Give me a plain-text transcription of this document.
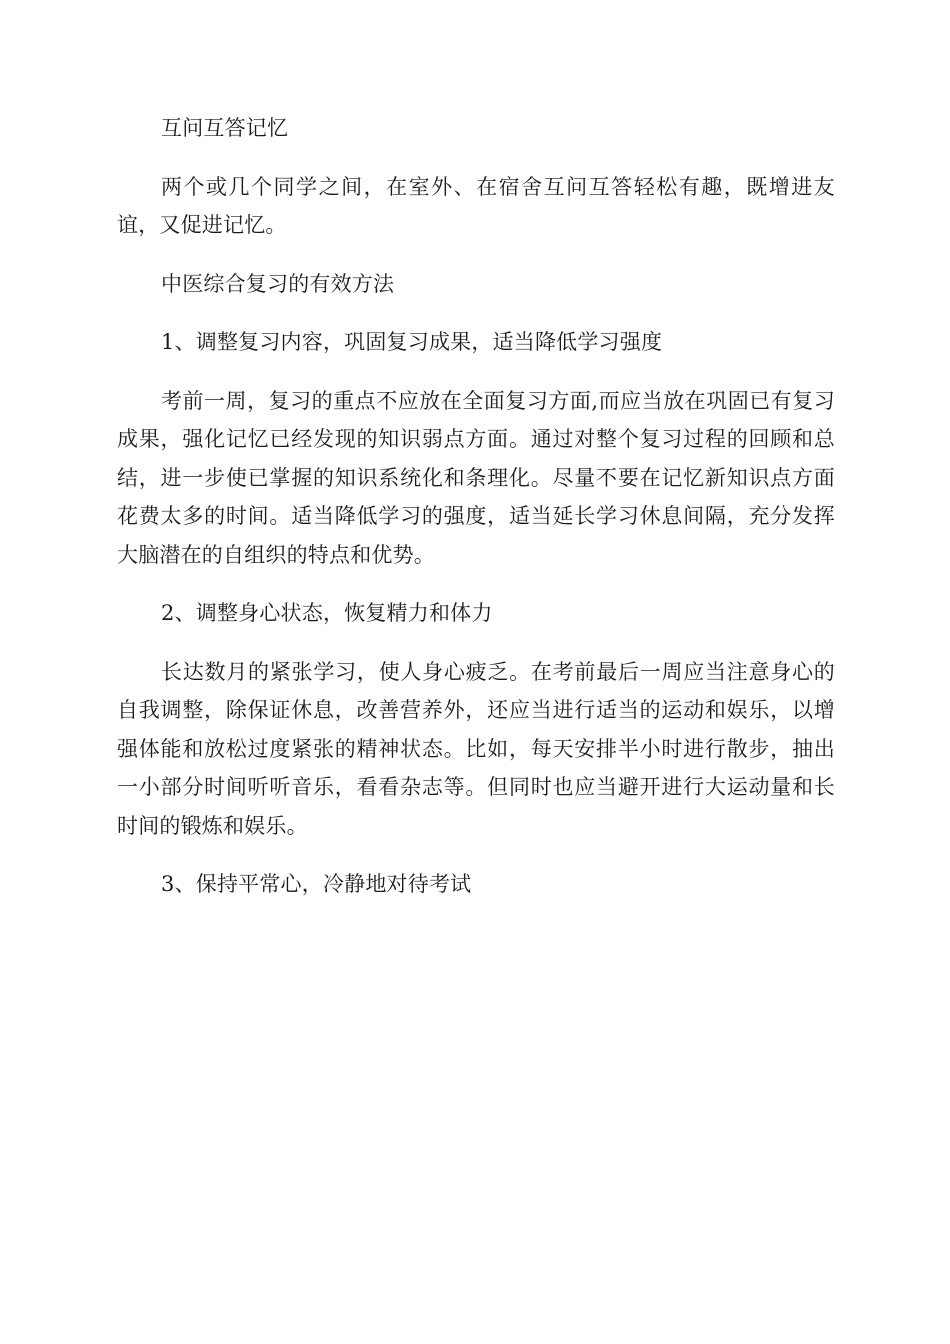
互问互答记忆

两个或几个同学之间，在室外、在宿舍互问互答轻松有趣，既增进友谊，又促进记忆。

中医综合复习的有效方法

1、调整复习内容，巩固复习成果，适当降低学习强度

考前一周，复习的重点不应放在全面复习方面,而应当放在巩固已有复习成果，强化记忆已经发现的知识弱点方面。通过对整个复习过程的回顾和总结，进一步使已掌握的知识系统化和条理化。尽量不要在记忆新知识点方面花费太多的时间。适当降低学习的强度，适当延长学习休息间隔，充分发挥大脑潜在的自组织的特点和优势。

2、调整身心状态，恢复精力和体力

长达数月的紧张学习，使人身心疲乏。在考前最后一周应当注意身心的自我调整，除保证休息，改善营养外，还应当进行适当的运动和娱乐，以增强体能和放松过度紧张的精神状态。比如，每天安排半小时进行散步，抽出一小部分时间听听音乐，看看杂志等。但同时也应当避开进行大运动量和长时间的锻炼和娱乐。

3、保持平常心，冷静地对待考试
